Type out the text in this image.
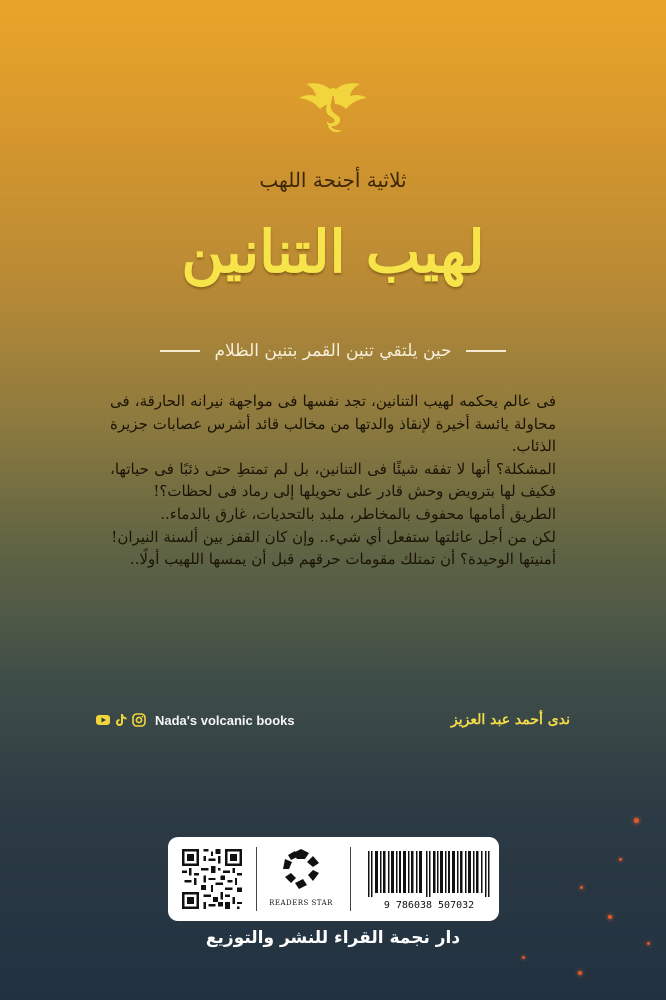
ثلاثية أجنحة اللهب
لهيب التنانين
حين يلتقي تنين القمر بتنين الظلام

فى عالم يحكمه لهيب التنانين، تجد نفسها فى مواجهة نيرانه الحارقة، فى محاولة يائسة أخيرة لإنقاذ والدتها من مخالب قائد أشرس عصابات جزيرة الذئاب.

المشكلة؟ أنها لا تفقه شيئًا فى التنانين، بل لم تمتطِ حتى ذئبًا فى حياتها، فكيف لها بترويض وحش قادر على تحويلها إلى رماد فى لحظات؟!

الطريق أمامها محفوف بالمخاطر، ملبد بالتحديات، غارق بالدماء..

لكن من أجل عائلتها ستفعل أي شيء.. وإن كان القفز بين ألسنة النيران!

أمنيتها الوحيدة؟ أن تمتلك مقومات حرقهم قبل أن يمسها اللهيب أولًا..

Nada's volcanic books	ندى أحمد عبد العزيز
READERS STAR	9 786038 507032
دار نجمة القراء للنشر والتوزيع
